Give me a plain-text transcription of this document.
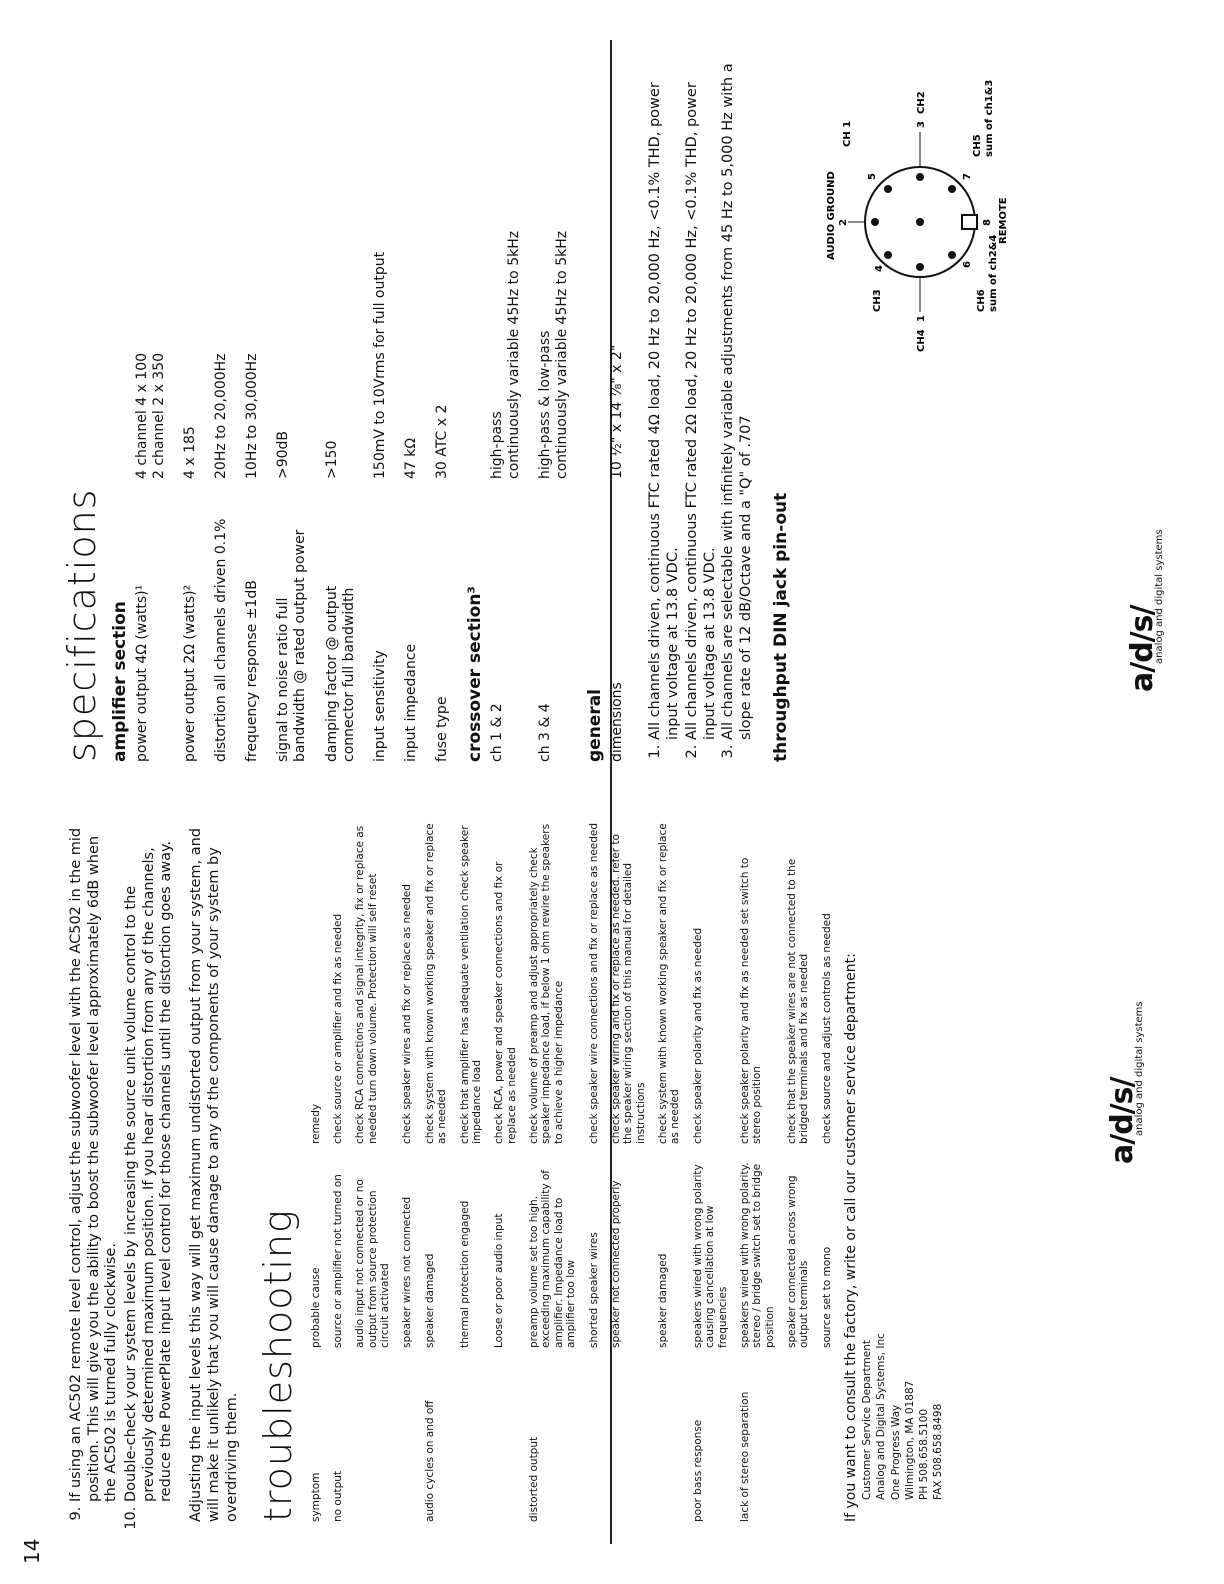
14
9. If using an AC502 remote level control, adjust the subwoofer level with the AC502 in the mid position. This will give you the ability to boost the subwoofer level approximately 6dB when the AC502 is turned fully clockwise. 10. Double-check your system levels by increasing the source unit volume control to the previously determined maximum position. If you hear distortion from any of the channels, reduce the PowerPlate input level control for those channels until the distortion goes away. Adjusting the input levels this way will get maximum undistorted output from your system, and will make it unlikely that you will cause damage to any of the components of your system by overdriving them. troubleshooting symptom
probable cause
remedy
no output
source or amplifier not turned on
check source or amplifier and fix as needed
audio input not connected or no output from source protection circuit activated
check RCA connections and signal integrity, fix or replace as needed turn down volume. Protection will self reset
speaker wires not connected
check speaker wires and fix or replace as needed
audio cycles on and off
speaker damaged
check system with known working speaker and fix or replace as needed
thermal protection engaged
check that amplifier has adequate ventilation check speaker impedance load
Loose or poor audio input
check RCA, power and speaker connections and fix or replace as needed
distorted output
preamp volume set too high. exceeding maximum capability of amplifier. Impedance load to amplifier too low
check volume of preamp and adjust appropriately check speaker impedance load, if below 1 ohm rewire the speakers to achieve a higher impedance
shorted speaker wires
check speaker wire connections and fix or replace as needed
speaker not connected properly
check speaker wiring and fix or replace as needed. refer to the speaker wiring section of this manual for detailed instructions
speaker damaged
check system with known working speaker and fix or replace as needed
poor bass response
speakers wired with wrong polarity causing cancellation at low frequencies
check speaker polarity and fix as needed
lack of stereo separation
speakers wired with wrong polarity. stereo / bridge switch set to bridge position
check speaker polarity and fix as needed set switch to stereo position
speaker connected across wrong output terminals
check that the speaker wires are not connected to the bridged terminals and fix as needed
source set to mono
check source and adjust controls as needed If you want to consult the factory, write or call our customer service department: Customer Service Department Analog and Digital Systems, Inc One Progress Way Wilmington, MA 01887 PH 508.658.5100 FAX 508.658.8498
a/d/s/
analog and digital systems
specifications amplifier section power output 4Ω (watts)¹
4 channel 4 x 100
2 channel 2 x 350
power output 2Ω (watts)²
4 x 185
distortion all channels driven 0.1%
20Hz to 20,000Hz
frequency response ±1dB
10Hz to 30,000Hz
signal to noise ratio full
bandwidth @ rated output power
>90dB
damping factor @ output
connector full bandwidth
>150
input sensitivity
150mV to 10Vrms for full output
input impedance
47 kΩ
fuse type
30 ATC x 2
crossover section³ ch 1 & 2
high-pass
continuously variable 45Hz to 5kHz
ch 3 & 4
high-pass & low-pass
continuously variable 45Hz to 5kHz
general dimensions
10 ½" x 14 ⅞" x 2" 1. All channels driven, continuous FTC rated 4Ω load, 20 Hz to 20,000 Hz, <0.1% THD, power input voltage at 13.8 VDC. 2. All channels driven, continuous FTC rated 2Ω load, 20 Hz to 20,000 Hz, <0.1% THD, power input voltage at 13.8 VDC. 3. All channels are selectable with infinitely variable adjustments from 45 Hz to 5,000 Hz with a slope rate of 12 dB/Octave and a "Q" of .707 throughput DIN jack pin-out
AUDIO GROUND 2
CH 1
5
CH3
4
CH2
3
CH4
1
6
CH6 sum of ch2&4
7
CH5 sum of ch1&3
8 REMOTE
a/d/s/
analog and digital systems
